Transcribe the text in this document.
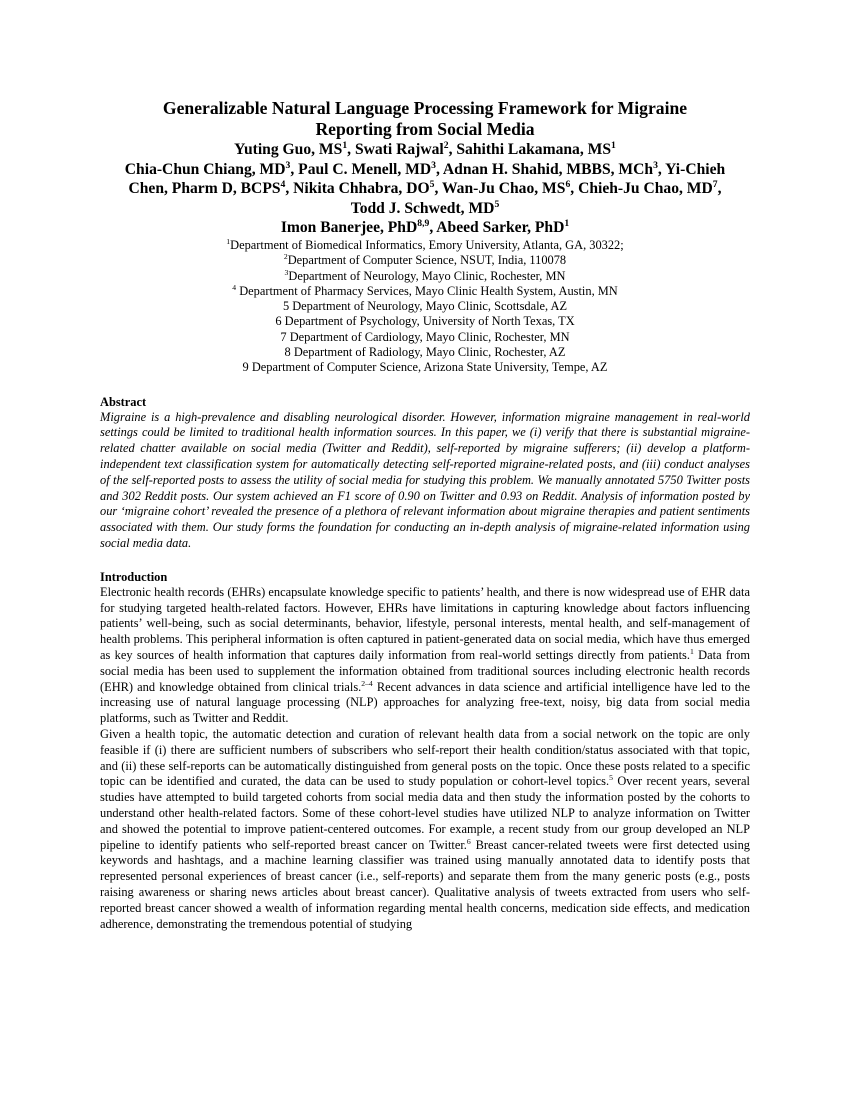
Generalizable Natural Language Processing Framework for Migraine
Reporting from Social Media
Yuting Guo, $MS^1$, Swati Rajwal$^2$, Sahithi Lakamana, $MS^1$
Chia-Chun Chiang, $MD^3$, Paul C. Menell, $MD^3$, Adnan H. Shahid, MBBS, MCh$^3$, Yi-Chieh
Chen, Pharm D, BCPS$^4$, Nikita Chhabra, $DO^5$, Wan-Ju Chao, $MS^6$, Chieh-Ju Chao, $MD^7$,
Todd J. Schwedt, $MD^5$
Imon Banerjee, PhD$^{8,9}$, Abeed Sarker, PhD$^1$
$^1$Department of Biomedical Informatics, Emory University, Atlanta, GA, 30322;
$^2$Department of Computer Science, NSUT, India, 110078
$^3$Department of Neurology, Mayo Clinic, Rochester, MN
$^4$ Department of Pharmacy Services, Mayo Clinic Health System, Austin, MN
5 Department of Neurology, Mayo Clinic, Scottsdale, AZ
6 Department of Psychology, University of North Texas, TX
7 Department of Cardiology, Mayo Clinic, Rochester, MN
8 Department of Radiology, Mayo Clinic, Rochester, AZ
9 Department of Computer Science, Arizona State University, Tempe, AZ
Abstract

Migraine is a high-prevalence and disabling neurological disorder. However, information migraine management in real-world settings could be limited to traditional health information sources. In this paper, we (i) verify that there is substantial migraine-related chatter available on social media (Twitter and Reddit), self-reported by migraine sufferers; (ii) develop a platform-independent text classification system for automatically detecting self-reported migraine-related posts, and (iii) conduct analyses of the self-reported posts to assess the utility of social media for studying this problem. We manually annotated 5750 Twitter posts and 302 Reddit posts. Our system achieved an F1 score of 0.90 on Twitter and 0.93 on Reddit. Analysis of information posted by our ‘migraine cohort’ revealed the presence of a plethora of relevant information about migraine therapies and patient sentiments associated with them. Our study forms the foundation for conducting an in-depth analysis of migraine-related information using social media data.

Introduction

Electronic health records (EHRs) encapsulate knowledge specific to patients’ health, and there is now widespread use of EHR data for studying targeted health-related factors. However, EHRs have limitations in capturing knowledge about factors influencing patients’ well-being, such as social determinants, behavior, lifestyle, personal interests, mental health, and self-management of health problems. This peripheral information is often captured in patient-generated data on social media, which have thus emerged as key sources of health information that captures daily information from real-world settings directly from patients.$^1$ Data from social media has been used to supplement the information obtained from traditional sources including electronic health records (EHR) and knowledge obtained from clinical trials.$^{2-4}$ Recent advances in data science and artificial intelligence have led to the increasing use of natural language processing (NLP) approaches for analyzing free-text, noisy, big data from social media platforms, such as Twitter and Reddit.

Given a health topic, the automatic detection and curation of relevant health data from a social network on the topic are only feasible if (i) there are sufficient numbers of subscribers who self-report their health condition/status associated with that topic, and (ii) these self-reports can be automatically distinguished from general posts on the topic. Once these posts related to a specific topic can be identified and curated, the data can be used to study population or cohort-level topics.$^5$ Over recent years, several studies have attempted to build targeted cohorts from social media data and then study the information posted by the cohorts to understand other health-related factors. Some of these cohort-level studies have utilized NLP to analyze information on Twitter and showed the potential to improve patient-centered outcomes. For example, a recent study from our group developed an NLP pipeline to identify patients who self-reported breast cancer on Twitter.$^6$ Breast cancer-related tweets were first detected using keywords and hashtags, and a machine learning classifier was trained using manually annotated data to identify posts that represented personal experiences of breast cancer (i.e., self-reports) and separate them from the many generic posts (e.g., posts raising awareness or sharing news articles about breast cancer). Qualitative analysis of tweets extracted from users who self-reported breast cancer showed a wealth of information regarding mental health concerns, medication side effects, and medication adherence, demonstrating the tremendous potential of studying
